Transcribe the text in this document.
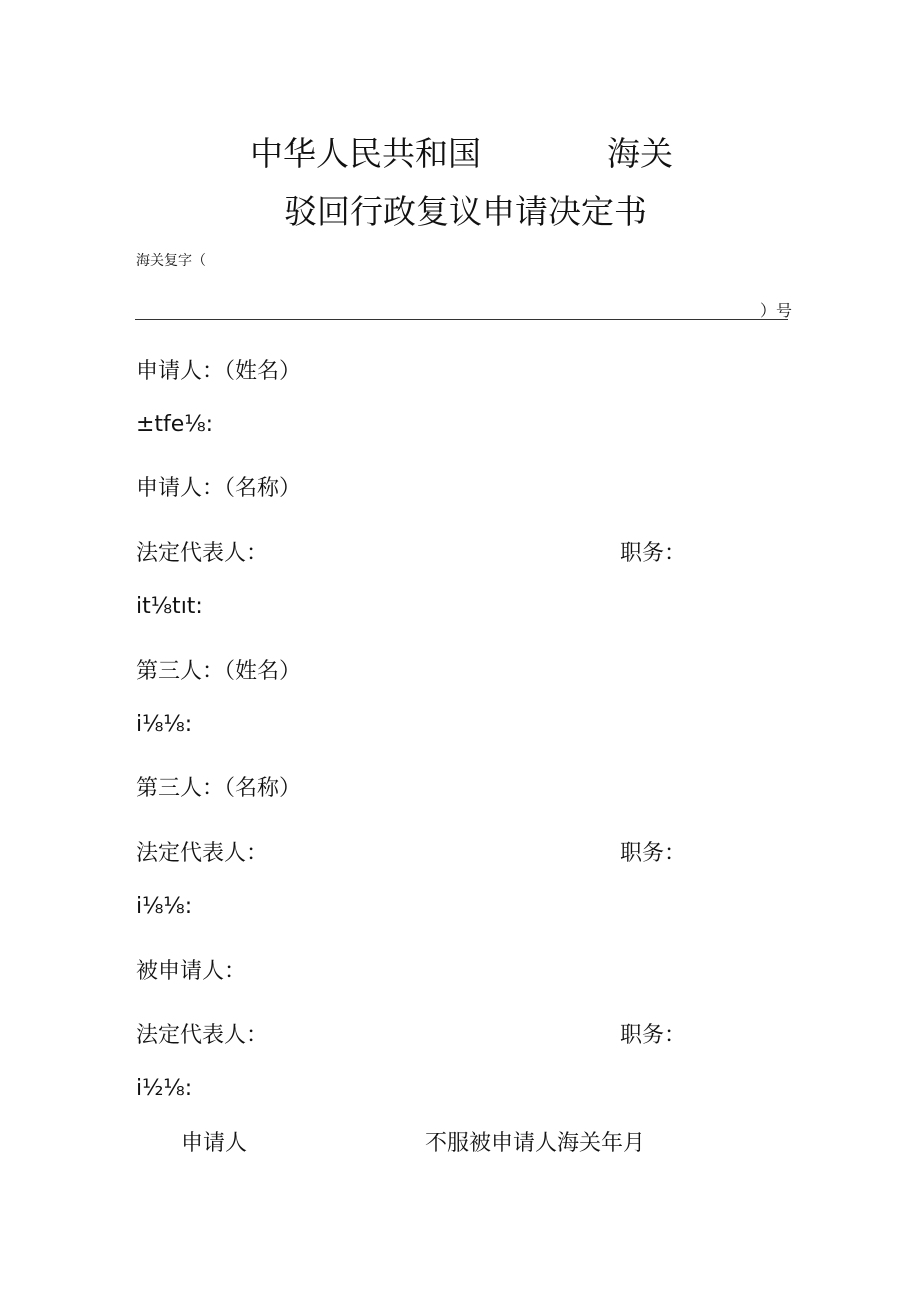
中华人民共和国	海关
驳回行政复议申请决定书
海关复字（
）号
申请人：（姓名）
±tfe⅛:
申请人：（名称）
法定代表人：	职务：
it⅛tıt:
第三人：（姓名）
i⅛⅛:
第三人：（名称）
法定代表人：	职务：
i⅛⅛:
被申请人：
法定代表人：	职务：
i½⅛:
申请人	不服被申请人海关年月
